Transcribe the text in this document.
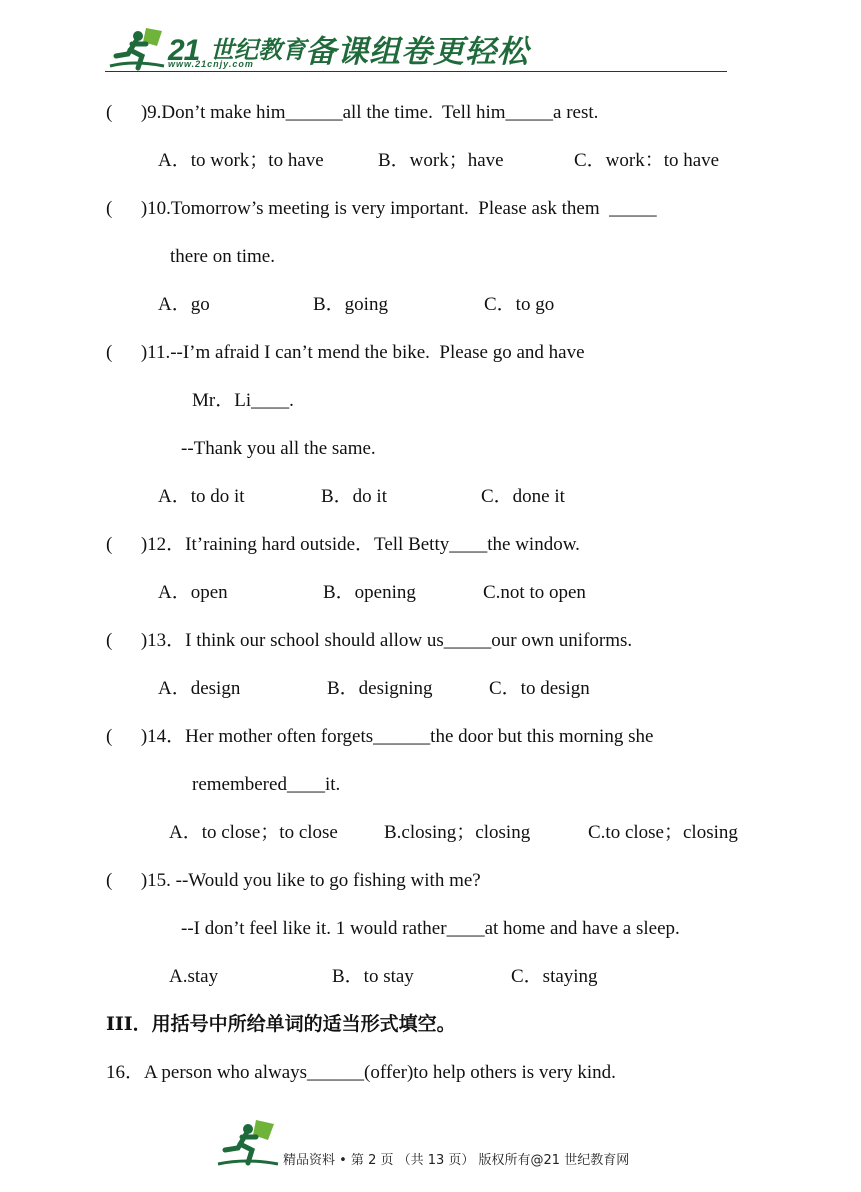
21 世纪教育
www.21cnjy.com 备课组卷更轻松
(      )9.Don’t make him______all the time.  Tell him_____a rest.
A．to work；to have	B．work；have	C．work：to have
(      )10.Tomorrow’s meeting is very important.  Please ask them  _____
there on time.
A．go	B．going	C．to go
(      )11.--I’m afraid I can’t mend the bike.  Please go and have
Mr．Li____.
--Thank you all the same.
A．to do it	B．do it	C．done it
(      )12．It’raining hard outside．Tell Betty____the window.
A．open	B．opening	C.not to open
(      )13．I think our school should allow us_____our own uniforms.
A．design	B．designing	C．to design
(      )14．Her mother often forgets______the door but this morning she
remembered____it.
A．to close；to close B.closing；closing	C.to close；closing
(      )15. --Would you like to go fishing with me?
--I don’t feel like it. 1 would rather____at home and have a sleep.
A.stay	B．to stay	C．staying
III．用括号中所给单词的适当形式填空。
16．A person who always______(offer)to help others is very kind.
精品资料 • 第 2 页 （共 13 页） 版权所有@21 世纪教育网
